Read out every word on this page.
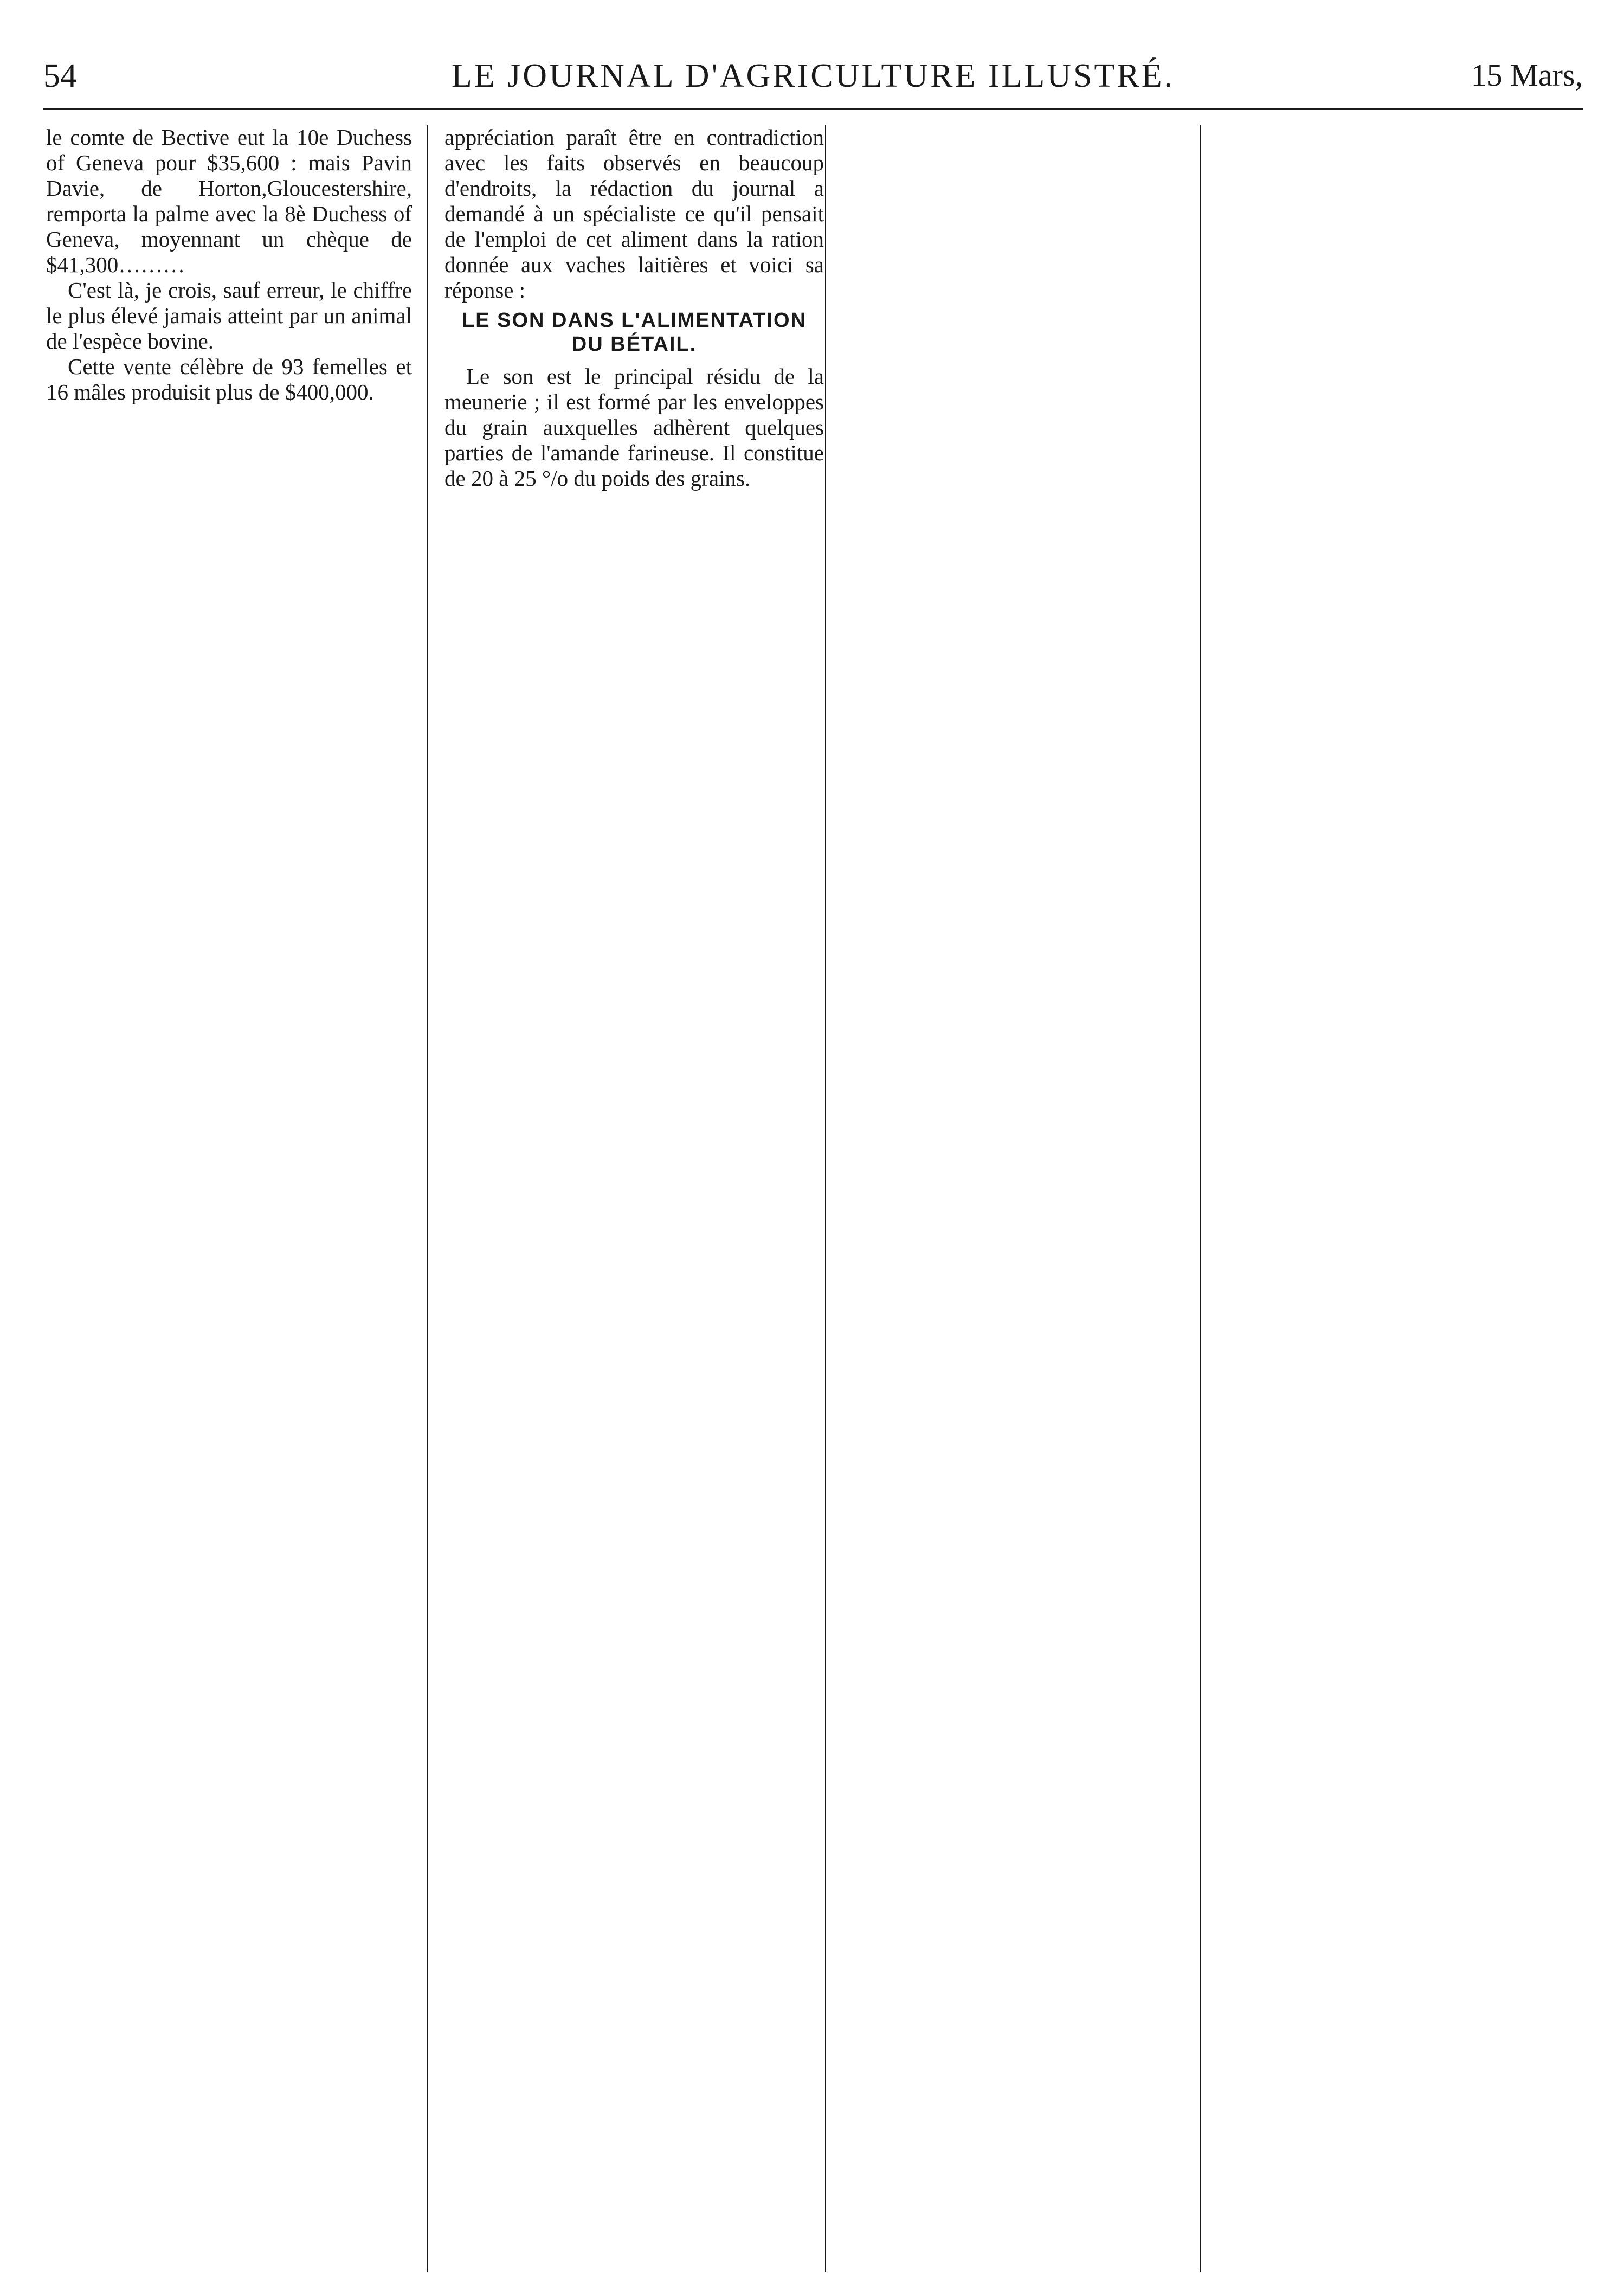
54	LE JOURNAL D'AGRICULTURE ILLUSTRÉ.	15 Mars,

le comte de Bective eut la 10e Duchess of Geneva pour $35,600 : mais Pavin Davie, de Horton,Gloucestershire, remporta la palme avec la 8è Duchess of Geneva, moyennant un chèque de $41,300………

C'est là, je crois, sauf erreur, le chiffre le plus élevé jamais atteint par un animal de l'espèce bovine.

Cette vente célèbre de 93 femelles et 16 mâles produisit plus de $400,000.

appréciation paraît être en contradiction avec les faits observés en beaucoup d'endroits, la rédaction du journal a demandé à un spécialiste ce qu'il pensait de l'emploi de cet aliment dans la ration donnée aux vaches laitières et voici sa réponse :

LE SON DANS L'ALIMENTATION DU BÉTAIL.

Le son est le principal résidu de la meunerie ; il est formé par les enveloppes du grain auxquelles adhèrent quelques parties de l'amande farineuse. Il constitue de 20 à 25 °/o du poids des grains.
